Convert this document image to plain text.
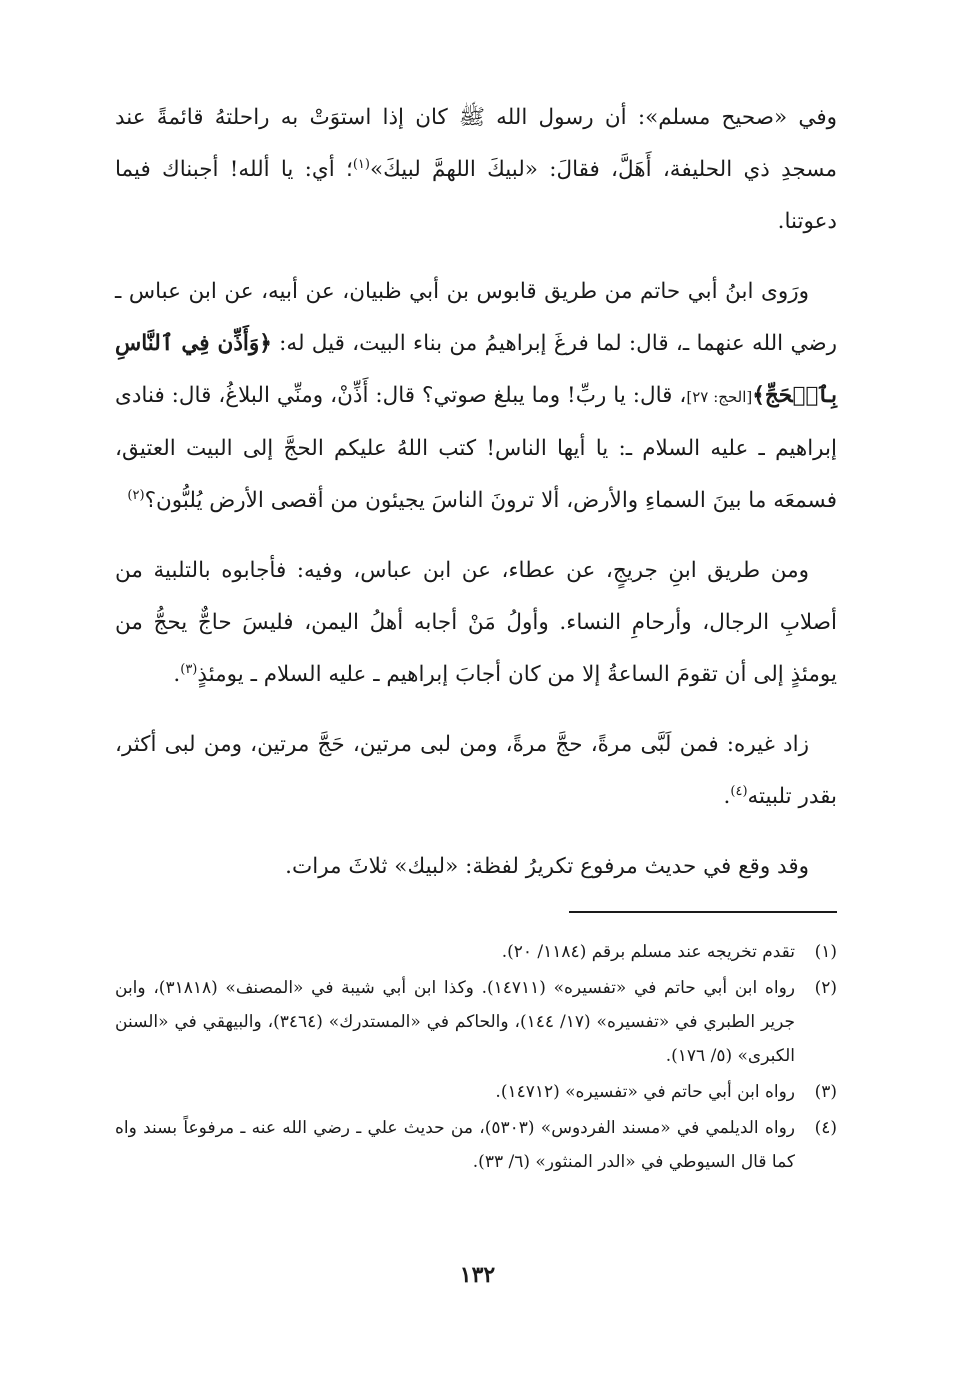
وفي «صحيح مسلم»: أن رسول الله ﷺ كان إذا استوَتْ به راحلتهُ قائمةً عند مسجدِ ذي الحليفة، أَهَلَّ، فقالَ: «لبيكَ اللهمَّ لبيكَ»$^{(١)}$؛ أي: يا ألله! أجبناك فيما دعوتنا.

ورَوى ابنُ أبي حاتم من طريق قابوس بن أبي ظبيان، عن أبيه، عن ابن عباس ـ رضي الله عنهما ـ، قال: لما فرغَ إبراهيمُ من بناء البيت، قيل له: ﴿وَأَذِّن فِي ٱلنَّاسِ بِٱلۡحَجِّ﴾[الحج: ٢٧]، قال: يا ربِّ! وما يبلغ صوتي؟ قال: أَذِّنْ، ومنِّي البلاغُ، قال: فنادى إبراهيم ـ عليه السلام ـ: يا أيها الناس! كتب اللهُ عليكم الحجَّ إلى البيت العتيق، فسمعَه ما بينَ السماءِ والأرض، ألا ترونَ الناسَ يجيئون من أقصى الأرض يُلبُّون؟$^{(٢)}$

ومن طريق ابنِ جريجٍ، عن عطاء، عن ابن عباس، وفيه: فأجابوه بالتلبية من أصلابِ الرجال، وأرحامِ النساء. وأولُ مَنْ أجابه أهلُ اليمن، فليسَ حاجٌّ يحجُّ من يومئذٍ إلى أن تقومَ الساعةُ إلا من كان أجابَ إبراهيم ـ عليه السلام ـ يومئذٍ$^{(٣)}$.

زاد غيره: فمن لَبَّى مرةً، حجَّ مرةً، ومن لبى مرتين، حَجَّ مرتين، ومن لبى أكثر، بقدر تلبيته$^{(٤)}$.

وقد وقع في حديث مرفوع تكريرُ لفظة: «لبيك» ثلاثَ مرات.

(١)
تقدم تخريجه عند مسلم برقم (١١٨٤/ ٢٠).
(٢)
رواه ابن أبي حاتم في «تفسيره» (١٤٧١١). وكذا ابن أبي شيبة في «المصنف» (٣١٨١٨)، وابن جرير الطبري في «تفسيره» (١٧/ ١٤٤)، والحاكم في «المستدرك» (٣٤٦٤)، والبيهقي في «السنن الكبرى» (٥/ ١٧٦).
(٣)
رواه ابن أبي حاتم في «تفسيره» (١٤٧١٢).
(٤)
رواه الديلمي في «مسند الفردوس» (٥٣٠٣)، من حديث علي ـ رضي الله عنه ـ مرفوعاً بسند واه كما قال السيوطي في «الدر المنثور» (٦/ ٣٣).
١٣٢
